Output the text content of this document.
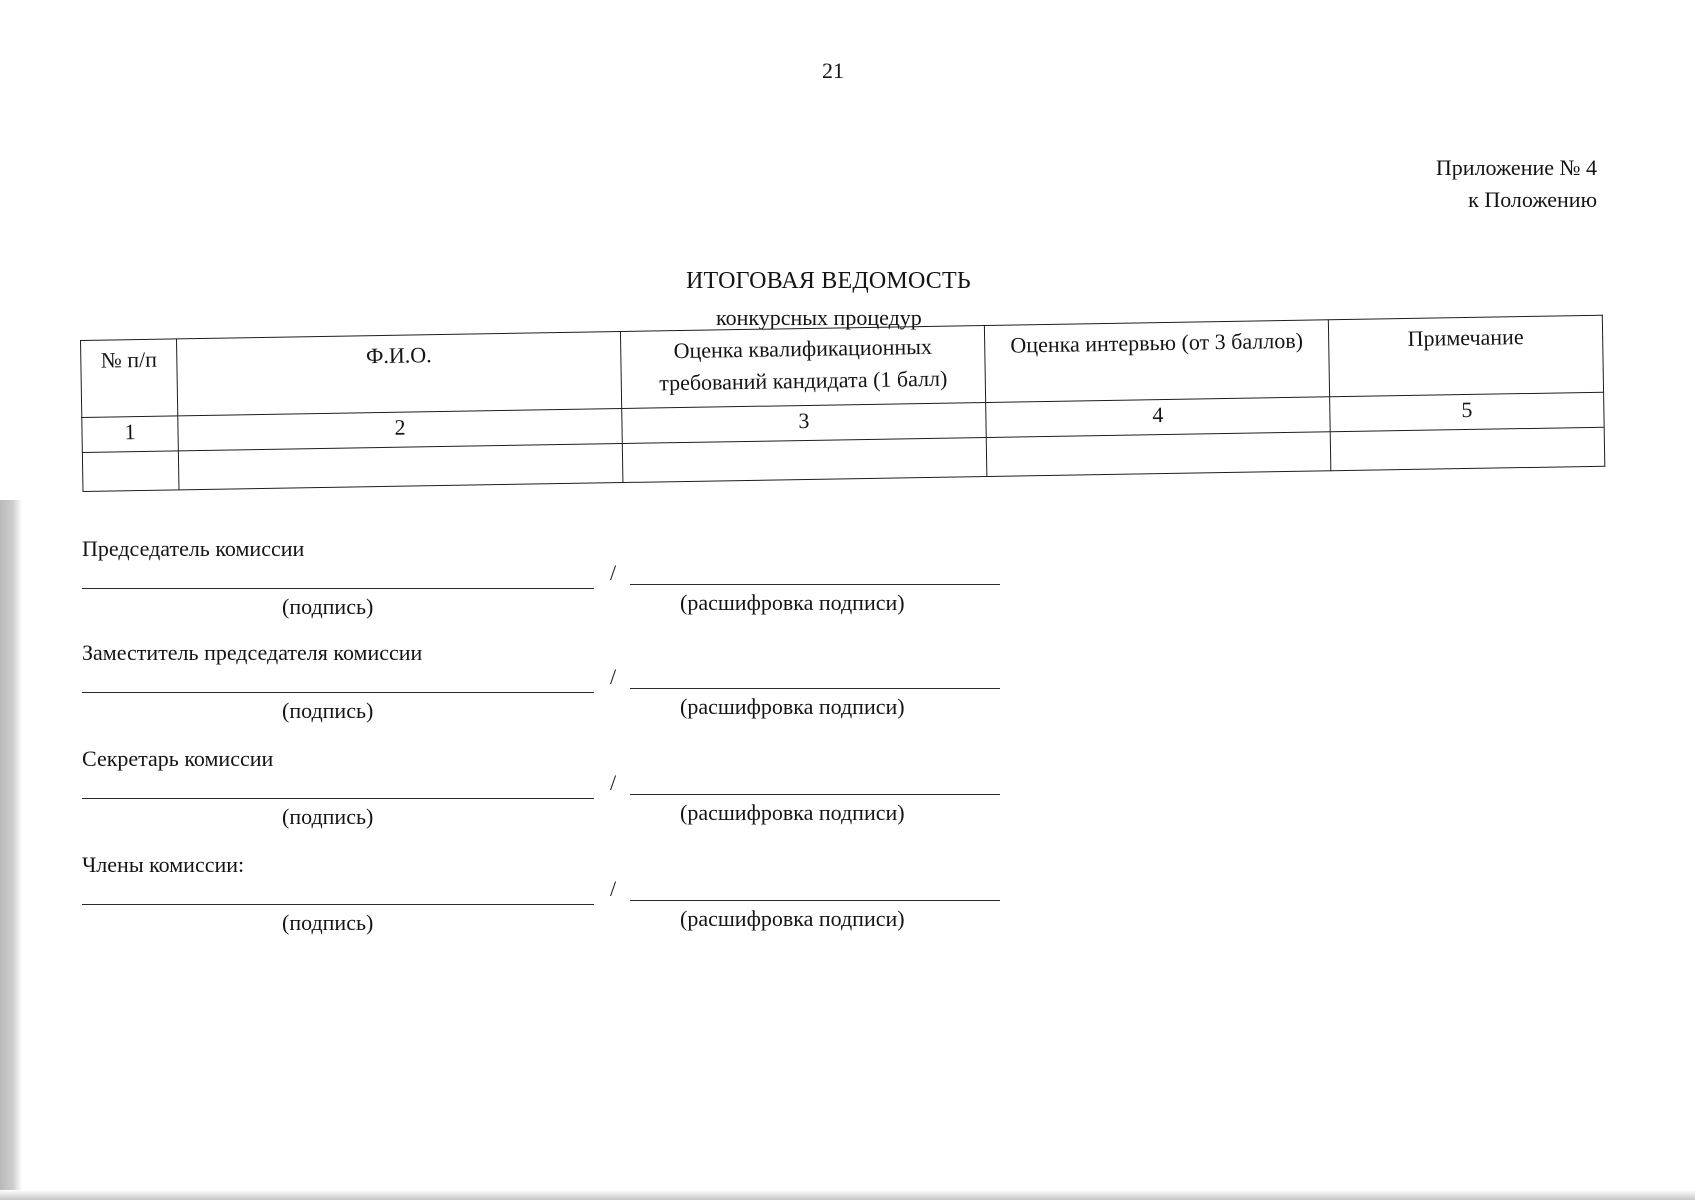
21
Приложение № 4
к Положению
ИТОГОВАЯ ВЕДОМОСТЬ
конкурсных процедур
№ п/п	Ф.И.О.	Оценка квалификационных требований кандидата (1 балл)	Оценка интервью (от 3 баллов)	Примечание
1	2	3	4	5

Председатель комиссии
/
(подпись)	(расшифровка подписи)
Заместитель председателя комиссии
/
(подпись)	(расшифровка подписи)
Секретарь комиссии
/
(подпись)	(расшифровка подписи)
Члены комиссии:
/
(подпись)	(расшифровка подписи)
